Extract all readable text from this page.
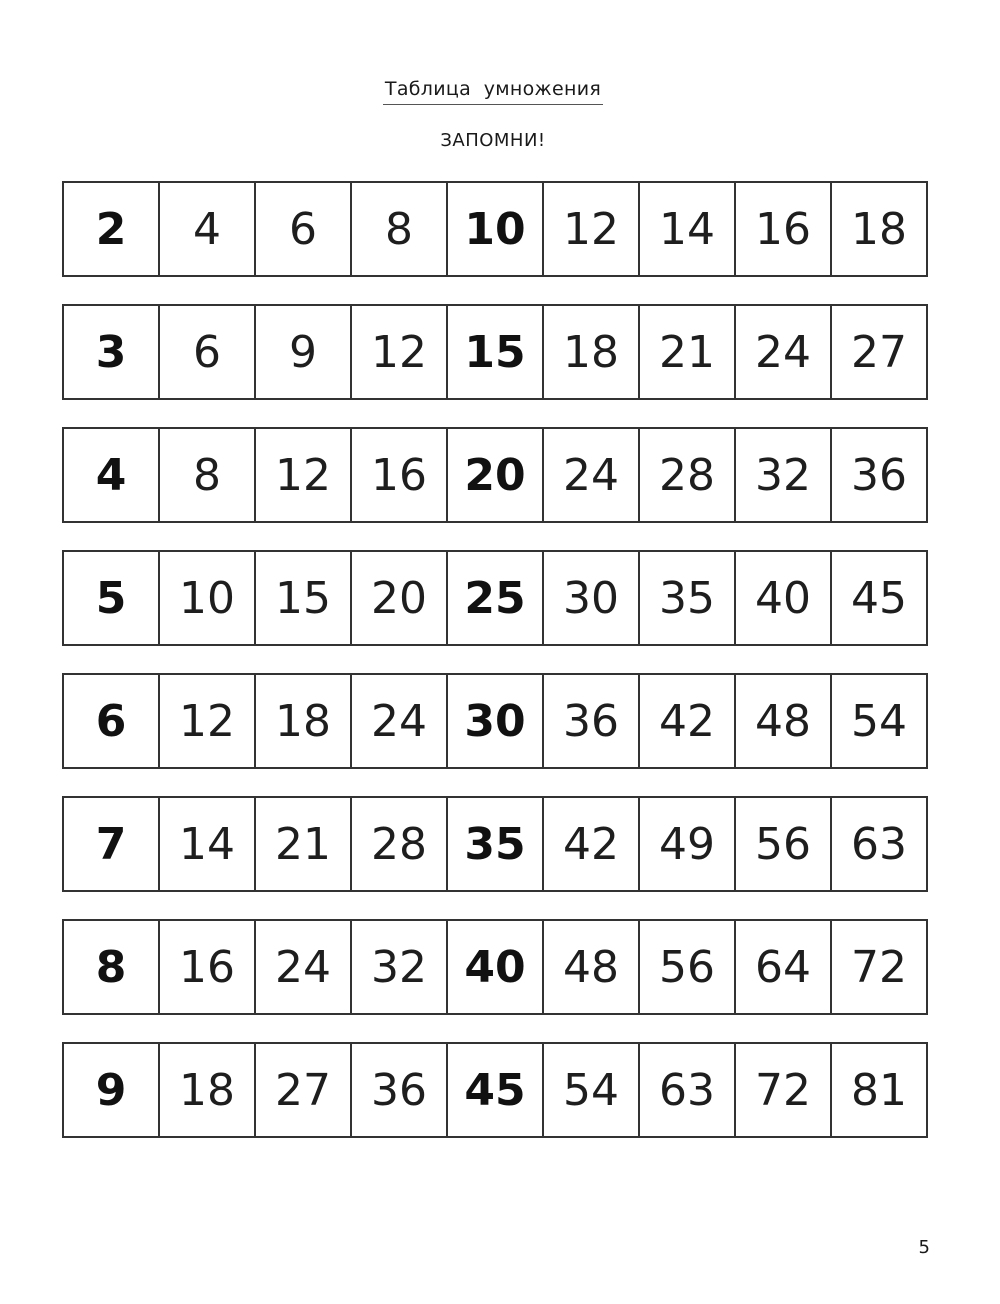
Таблица  умножения
ЗАПОМНИ!
2	4	6	8	10 12 14 16 18
3	6	9	12 15 18 21 24 27
4	8	12 16 20 24 28 32 36
5	10 15 20 25 30 35 40 45
6	12 18 24 30 36 42 48 54
7	14 21 28 35 42 49 56 63
8	16 24 32 40 48 56 64 72
9	18 27 36 45 54 63 72 81
5
